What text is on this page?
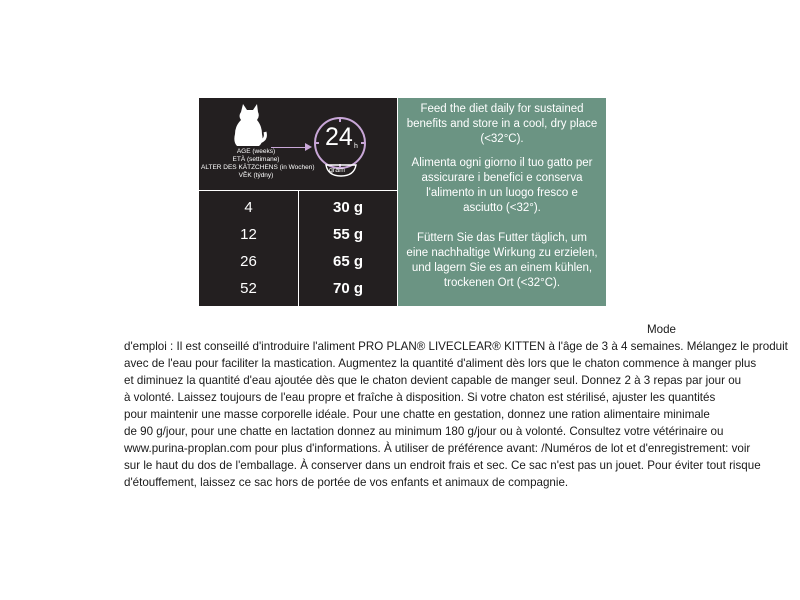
24 h
gram
AGE (weeks)
ETÀ (settimane)
ALTER DES KÄTZCHENS (in Wochen)
VĚK (týdny)
4	30 g
12	55 g
26	65 g
52	70 g
Feed the diet daily for sustained benefits and store in a cool, dry place (<32°C).
Alimenta ogni giorno il tuo gatto per assicurare i benefici e conserva l'alimento in un luogo fresco e asciutto (<32°).
Füttern Sie das Futter täglich, um eine nachhaltige Wirkung zu erzielen, und lagern Sie es an einem kühlen, trockenen Ort (<32°C).
Mode
d'emploi : Il est conseillé d'introduire l'aliment PRO PLAN® LIVECLEAR® KITTEN à l'âge de 3 à 4 semaines. Mélangez le produit
avec de l'eau pour faciliter la mastication. Augmentez la quantité d'aliment dès lors que le chaton commence à manger plus
et diminuez la quantité d'eau ajoutée dès que le chaton devient capable de manger seul. Donnez 2 à 3 repas par jour ou
à volonté. Laissez toujours de l'eau propre et fraîche à disposition. Si votre chaton est stérilisé, ajuster les quantités
pour maintenir une masse corporelle idéale. Pour une chatte en gestation, donnez une ration alimentaire minimale
de 90 g/jour, pour une chatte en lactation donnez au minimum 180 g/jour ou à volonté. Consultez votre vétérinaire ou
www.purina-proplan.com pour plus d'informations. À utiliser de préférence avant: /Numéros de lot et d'enregistrement: voir
sur le haut du dos de l'emballage. À conserver dans un endroit frais et sec. Ce sac n'est pas un jouet. Pour éviter tout risque
d'étouffement, laissez ce sac hors de portée de vos enfants et animaux de compagnie.
